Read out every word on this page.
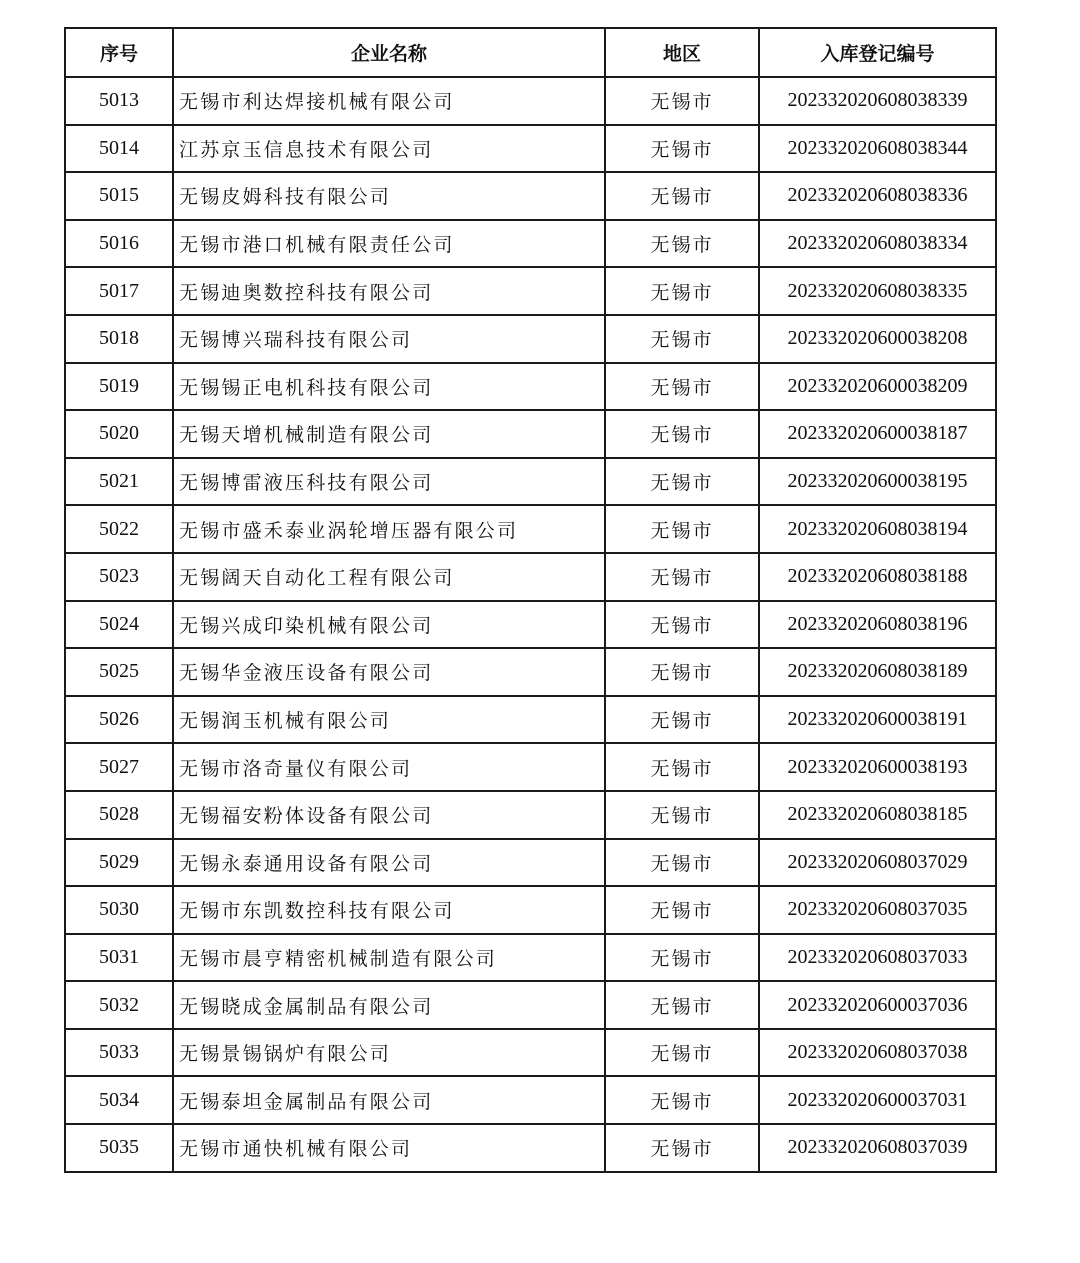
序号	企业名称	地区	入库登记编号
5013	无锡市利达焊接机械有限公司	无锡市	202332020608038339
5014	江苏京玉信息技术有限公司	无锡市	202332020608038344
5015	无锡皮姆科技有限公司	无锡市	202332020608038336
5016	无锡市港口机械有限责任公司	无锡市	202332020608038334
5017	无锡迪奥数控科技有限公司	无锡市	202332020608038335
5018	无锡博兴瑞科技有限公司	无锡市	202332020600038208
5019	无锡锡正电机科技有限公司	无锡市	202332020600038209
5020	无锡天增机械制造有限公司	无锡市	202332020600038187
5021	无锡博雷液压科技有限公司	无锡市	202332020600038195
5022	无锡市盛禾泰业涡轮增压器有限公司	无锡市	202332020608038194
5023	无锡阔天自动化工程有限公司	无锡市	202332020608038188
5024	无锡兴成印染机械有限公司	无锡市	202332020608038196
5025	无锡华金液压设备有限公司	无锡市	202332020608038189
5026	无锡润玉机械有限公司	无锡市	202332020600038191
5027	无锡市洛奇量仪有限公司	无锡市	202332020600038193
5028	无锡福安粉体设备有限公司	无锡市	202332020608038185
5029	无锡永泰通用设备有限公司	无锡市	202332020608037029
5030	无锡市东凯数控科技有限公司	无锡市	202332020608037035
5031	无锡市晨亨精密机械制造有限公司	无锡市	202332020608037033
5032	无锡晓成金属制品有限公司	无锡市	202332020600037036
5033	无锡景锡锅炉有限公司	无锡市	202332020608037038
5034	无锡泰坦金属制品有限公司	无锡市	202332020600037031
5035	无锡市通快机械有限公司	无锡市	202332020608037039
